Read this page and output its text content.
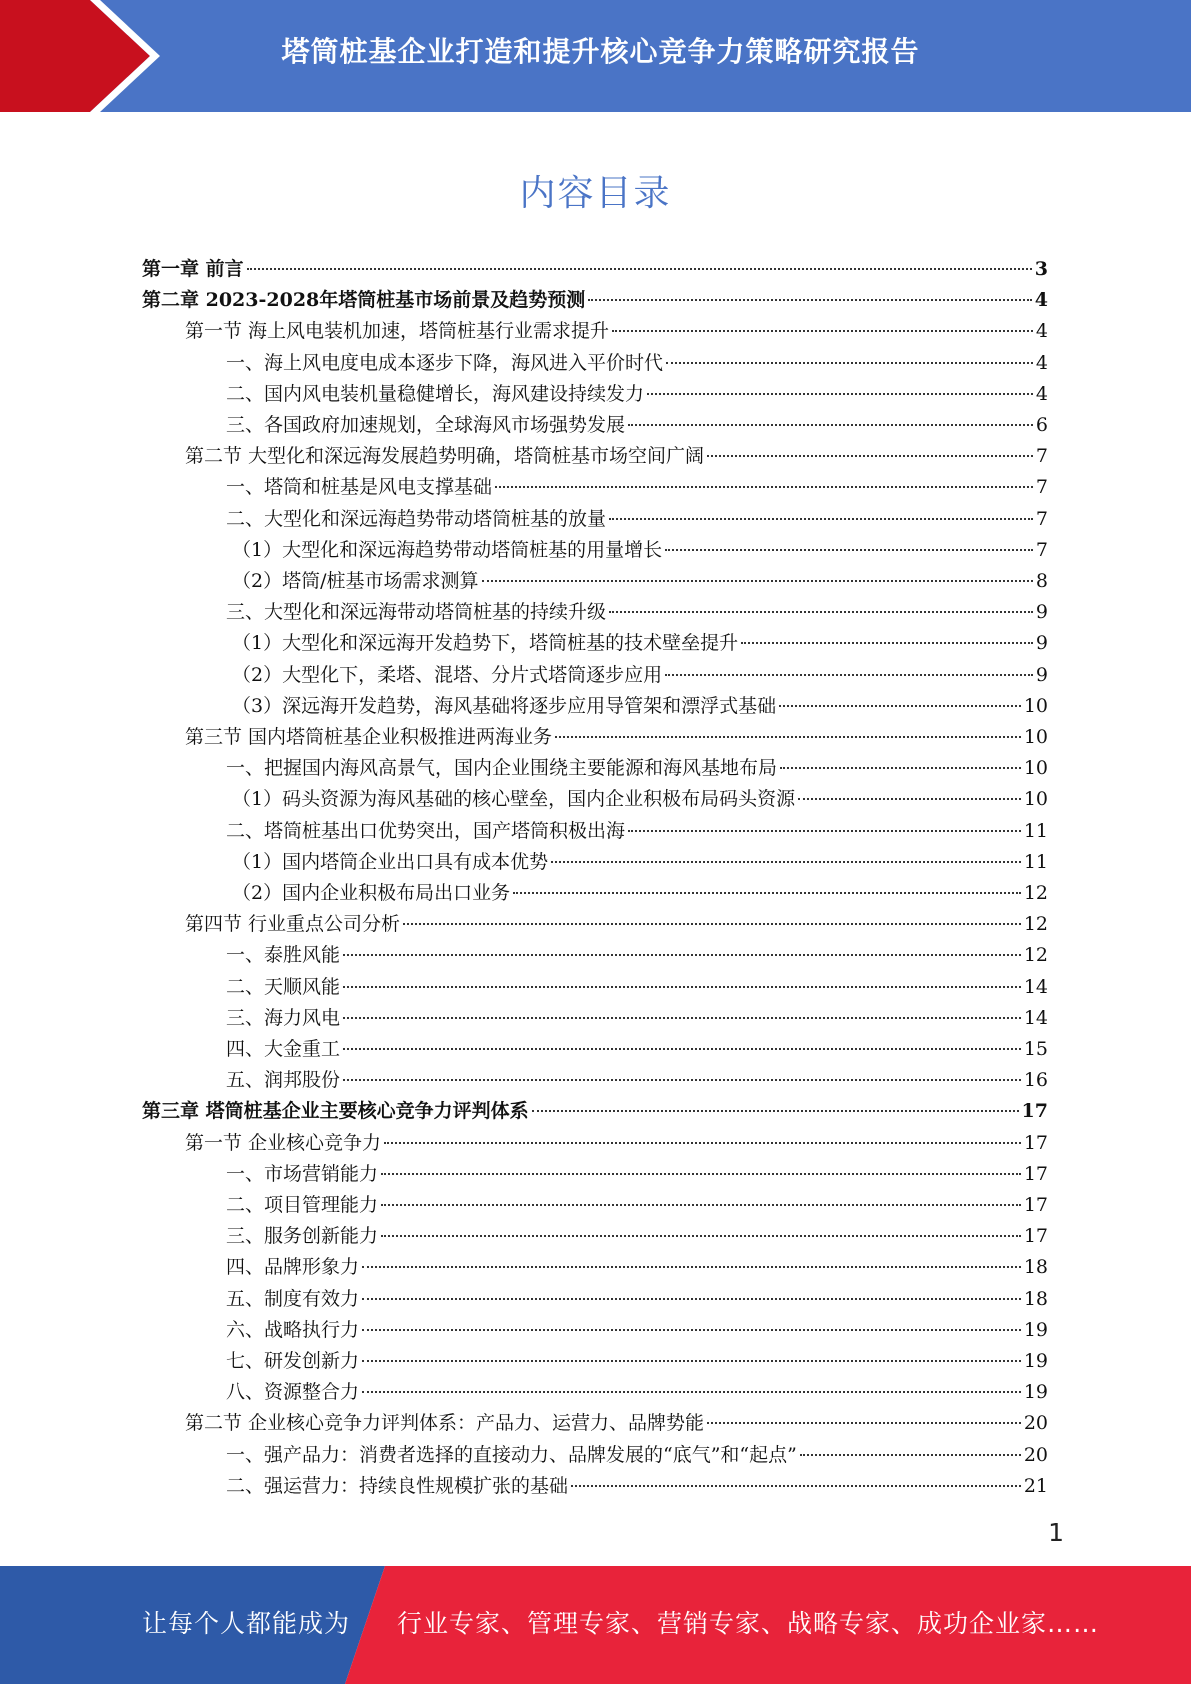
塔筒桩基企业打造和提升核心竞争力策略研究报告
内容目录
第一章 前言	3
第二章 2023-2028年塔筒桩基市场前景及趋势预测	4
第一节 海上风电装机加速，塔筒桩基行业需求提升	4
一、海上风电度电成本逐步下降，海风进入平价时代	4
二、国内风电装机量稳健增长，海风建设持续发力	4
三、各国政府加速规划，全球海风市场强势发展	6
第二节 大型化和深远海发展趋势明确，塔筒桩基市场空间广阔	7
一、塔筒和桩基是风电支撑基础	7
二、大型化和深远海趋势带动塔筒桩基的放量	7
（1）大型化和深远海趋势带动塔筒桩基的用量增长	7
（2）塔筒/桩基市场需求测算	8
三、大型化和深远海带动塔筒桩基的持续升级	9
（1）大型化和深远海开发趋势下，塔筒桩基的技术壁垒提升	9
（2）大型化下，柔塔、混塔、分片式塔筒逐步应用	9
（3）深远海开发趋势，海风基础将逐步应用导管架和漂浮式基础	10
第三节 国内塔筒桩基企业积极推进两海业务	10
一、把握国内海风高景气，国内企业围绕主要能源和海风基地布局	10
（1）码头资源为海风基础的核心壁垒，国内企业积极布局码头资源	10
二、塔筒桩基出口优势突出，国产塔筒积极出海	11
（1）国内塔筒企业出口具有成本优势	11
（2）国内企业积极布局出口业务	12
第四节 行业重点公司分析	12
一、泰胜风能	12
二、天顺风能	14
三、海力风电	14
四、大金重工	15
五、润邦股份	16
第三章 塔筒桩基企业主要核心竞争力评判体系	17
第一节 企业核心竞争力	17
一、市场营销能力	17
二、项目管理能力	17
三、服务创新能力	17
四、品牌形象力	18
五、制度有效力	18
六、战略执行力	19
七、研发创新力	19
八、资源整合力	19
第二节 企业核心竞争力评判体系：产品力、运营力、品牌势能	20
一、强产品力：消费者选择的直接动力、品牌发展的“底气”和“起点”	20
二、强运营力：持续良性规模扩张的基础	21
1
让每个人都能成为 行业专家、管理专家、营销专家、战略专家、成功企业家……
